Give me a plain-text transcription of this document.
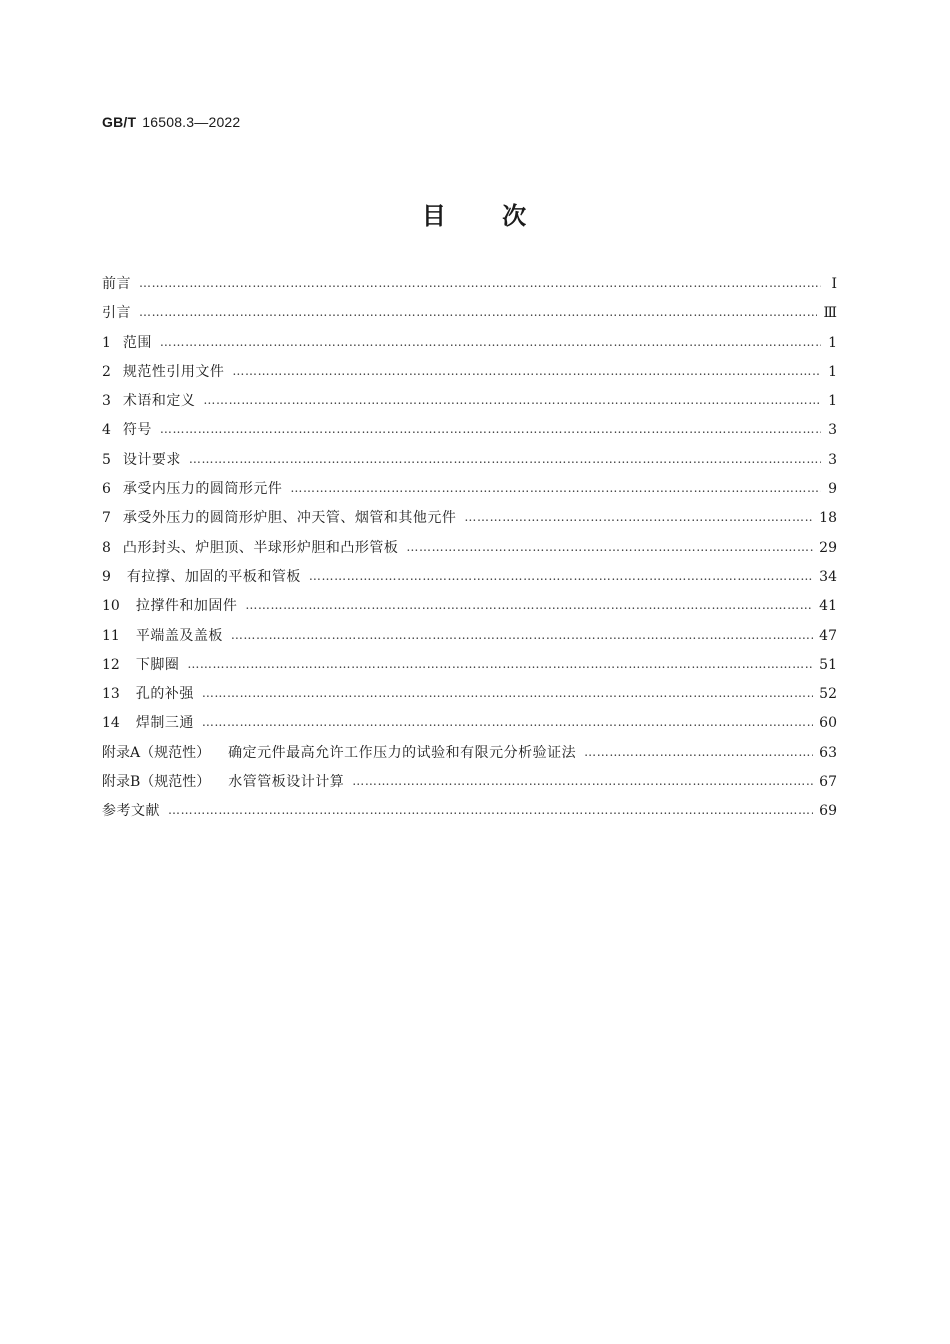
GB/T 16508.3—2022
目 次
前言 ……………………………………………………………………………………………………………………………………………………………………………………………………………………………………………………	Ⅰ
引言 ……………………………………………………………………………………………………………………………………………………………………………………………………………………………………………………	Ⅲ
1 范围 ……………………………………………………………………………………………………………………………………………………………………………………………………………………………………………………	1
2 规范性引用文件 ……………………………………………………………………………………………………………………………………………………………………………………………………………………………………………………	1
3 术语和定义 ……………………………………………………………………………………………………………………………………………………………………………………………………………………………………………………	1
4 符号 ……………………………………………………………………………………………………………………………………………………………………………………………………………………………………………………	3
5 设计要求 ……………………………………………………………………………………………………………………………………………………………………………………………………………………………………………………	3
6 承受内压力的圆筒形元件 ……………………………………………………………………………………………………………………………………………………………………………………………………………………………………………………	9
7 承受外压力的圆筒形炉胆、冲天管、烟管和其他元件 ……………………………………………………………………………………………………………………………………………………………………………………………………………………………………………………	18
8 凸形封头、炉胆顶、半球形炉胆和凸形管板 ……………………………………………………………………………………………………………………………………………………………………………………………………………………………………………………	29
9 有拉撑、加固的平板和管板 ……………………………………………………………………………………………………………………………………………………………………………………………………………………………………………………	34
10 拉撑件和加固件 ……………………………………………………………………………………………………………………………………………………………………………………………………………………………………………………	41
11 平端盖及盖板 ……………………………………………………………………………………………………………………………………………………………………………………………………………………………………………………	47
12 下脚圈 ……………………………………………………………………………………………………………………………………………………………………………………………………………………………………………………	51
13 孔的补强 ……………………………………………………………………………………………………………………………………………………………………………………………………………………………………………………	52
14 焊制三通 ……………………………………………………………………………………………………………………………………………………………………………………………………………………………………………………	60
附录A（规范性） 确定元件最高允许工作压力的试验和有限元分析验证法 ……………………………………………………………………………………………………………………………………………………………………………………………………………………………………………………	63
附录B（规范性） 水管管板设计计算 ……………………………………………………………………………………………………………………………………………………………………………………………………………………………………………………	67
参考文献 ……………………………………………………………………………………………………………………………………………………………………………………………………………………………………………………	69
